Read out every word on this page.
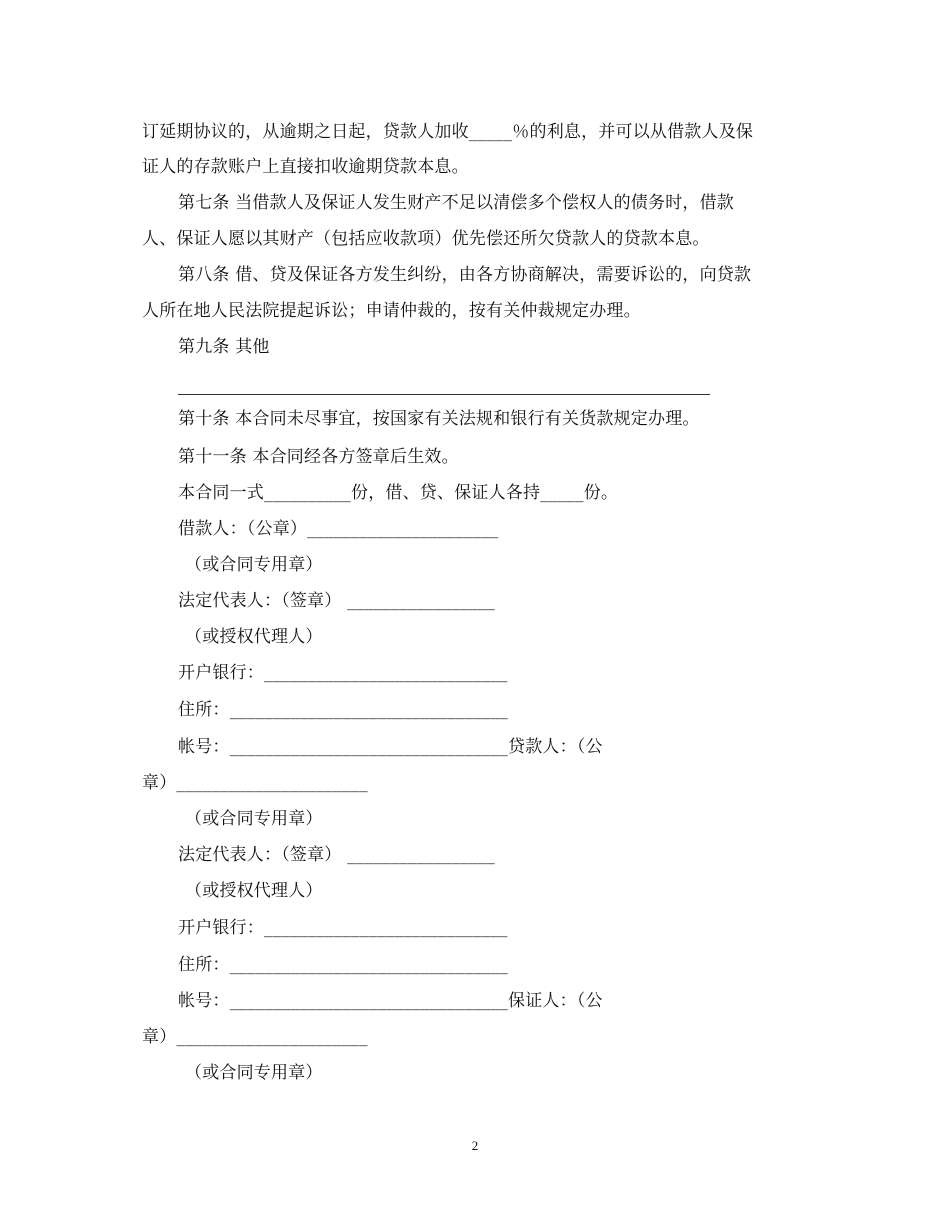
订延期协议的，从逾期之日起，贷款人加收_____％的利息，并可以从借款人及保
证人的存款账户上直接扣收逾期贷款本息。
第七条 当借款人及保证人发生财产不足以清偿多个偿权人的债务时，借款
人、保证人愿以其财产（包括应收款项）优先偿还所欠贷款人的贷款本息。
第八条 借、贷及保证各方发生纠纷，由各方协商解决，需要诉讼的，向贷款
人所在地人民法院提起诉讼；申请仲裁的，按有关仲裁规定办理。
第九条 其他
第十条 本合同未尽事宜，按国家有关法规和银行有关货款规定办理。
第十一条 本合同经各方签章后生效。
本合同一式__________份，借、贷、保证人各持_____份。
借款人：（公章）______________________
（或合同专用章）
法定代表人：（签章） _________________
（或授权代理人）
开户银行：____________________________
住所：________________________________
帐号：________________________________贷款人：（公
章）______________________
（或合同专用章）
法定代表人：（签章） _________________
（或授权代理人）
开户银行：____________________________
住所：________________________________
帐号：________________________________保证人：（公
章）______________________
（或合同专用章）
2
